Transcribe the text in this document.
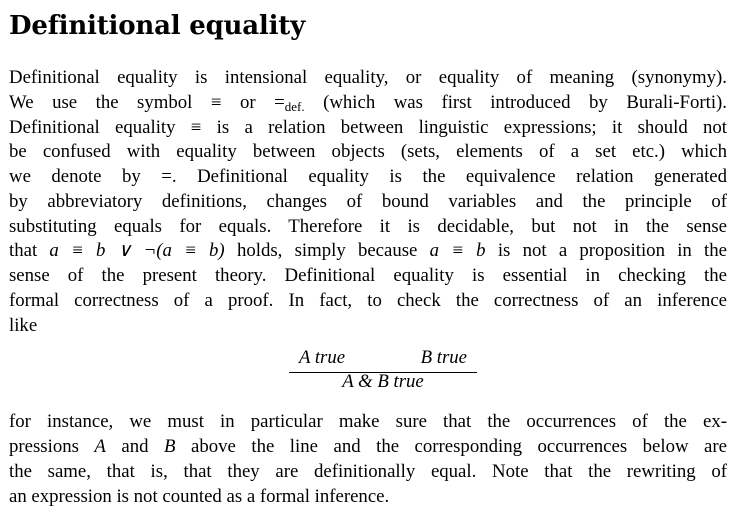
Definitional equality
Definitional equality is intensional equality, or equality of meaning (synonymy).
We use the symbol ≡ or $=_{def.}$ (which was first introduced by Burali-Forti).
Definitional equality ≡ is a relation between linguistic expressions; it should not
be confused with equality between objects (sets, elements of a set etc.) which
we denote by =. Definitional equality is the equivalence relation generated
by abbreviatory definitions, changes of bound variables and the principle of
substituting equals for equals. Therefore it is decidable, but not in the sense
that a ≡ b ∨ ¬(a ≡ b) holds, simply because a ≡ b is not a proposition in the
sense of the present theory. Definitional equality is essential in checking the
formal correctness of a proof. In fact, to check the correctness of an inference
like
A true	B true
A & B true
for instance, we must in particular make sure that the occurrences of the ex-
pressions A and B above the line and the corresponding occurrences below are
the same, that is, that they are definitionally equal. Note that the rewriting of
an expression is not counted as a formal inference.
